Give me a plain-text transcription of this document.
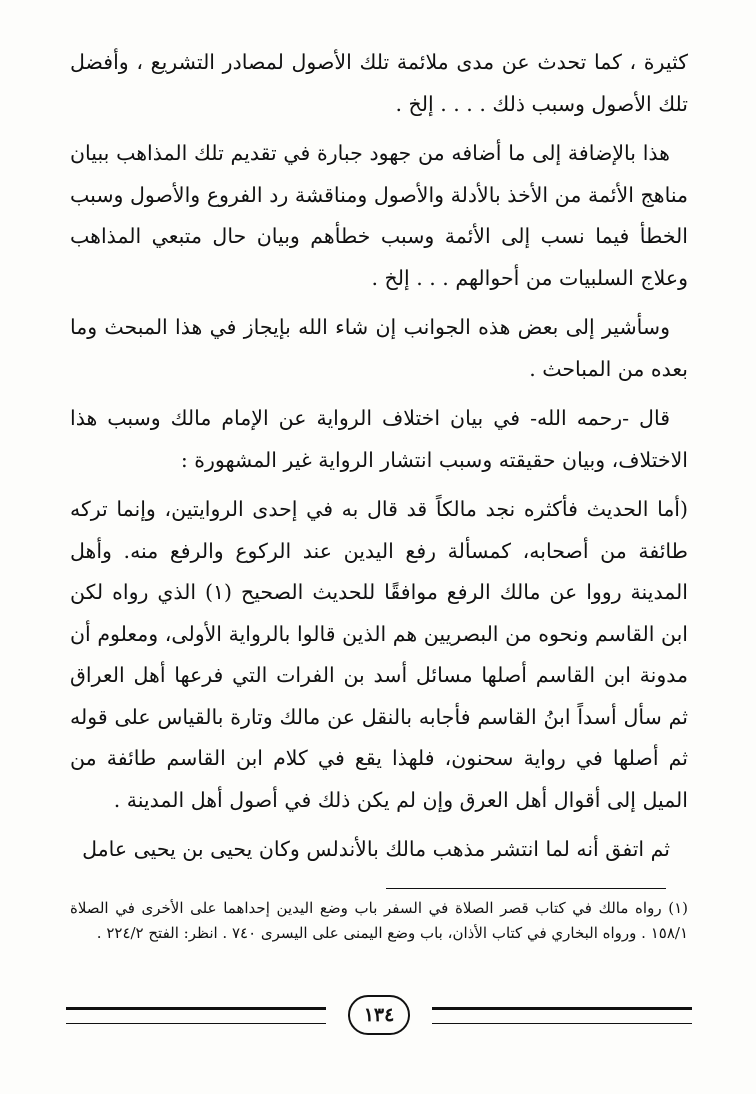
كثيرة ، كما تحدث عن مدى ملائمة تلك الأصول لمصادر التشريع ، وأفضل تلك الأصول وسبب ذلك . . . . إلخ .

هذا بالإضافة إلى ما أضافه من جهود جبارة في تقديم تلك المذاهب ببيان مناهج الأئمة من الأخذ بالأدلة والأصول ومناقشة رد الفروع والأصول وسبب الخطأ فيما نسب إلى الأئمة وسبب خطأهم وبيان حال متبعي المذاهب وعلاج السلبيات من أحوالهم . . . إلخ .

وسأشير إلى بعض هذه الجوانب إن شاء الله بإيجاز في هذا المبحث وما بعده من المباحث .

قال -رحمه الله- في بيان اختلاف الرواية عن الإمام مالك وسبب هذا الاختلاف، وبيان حقيقته وسبب انتشار الرواية غير المشهورة :

(أما الحديث فأكثره نجد مالكاً قد قال به في إحدى الروايتين، وإنما تركه طائفة من أصحابه، كمسألة رفع اليدين عند الركوع والرفع منه. وأهل المدينة رووا عن مالك الرفع موافقًا للحديث الصحيح (١) الذي رواه لكن ابن القاسم ونحوه من البصريين هم الذين قالوا بالرواية الأولى، ومعلوم أن مدونة ابن القاسم أصلها مسائل أسد بن الفرات التي فرعها أهل العراق ثم سأل أسداً ابنُ القاسم فأجابه بالنقل عن مالك وتارة بالقياس على قوله ثم أصلها في رواية سحنون، فلهذا يقع في كلام ابن القاسم طائفة من الميل إلى أقوال أهل العرق وإن لم يكن ذلك في أصول أهل المدينة .

ثم اتفق أنه لما انتشر مذهب مالك بالأندلس وكان يحيى بن يحيى عامل

(١) رواه مالك في كتاب قصر الصلاة في السفر باب وضع اليدين إحداهما على الأخرى في الصلاة ١٥٨/١ . ورواه البخاري في كتاب الأذان، باب وضع اليمنى على اليسرى ٧٤٠ . انظر: الفتح ٢٢٤/٢ .
١٣٤
